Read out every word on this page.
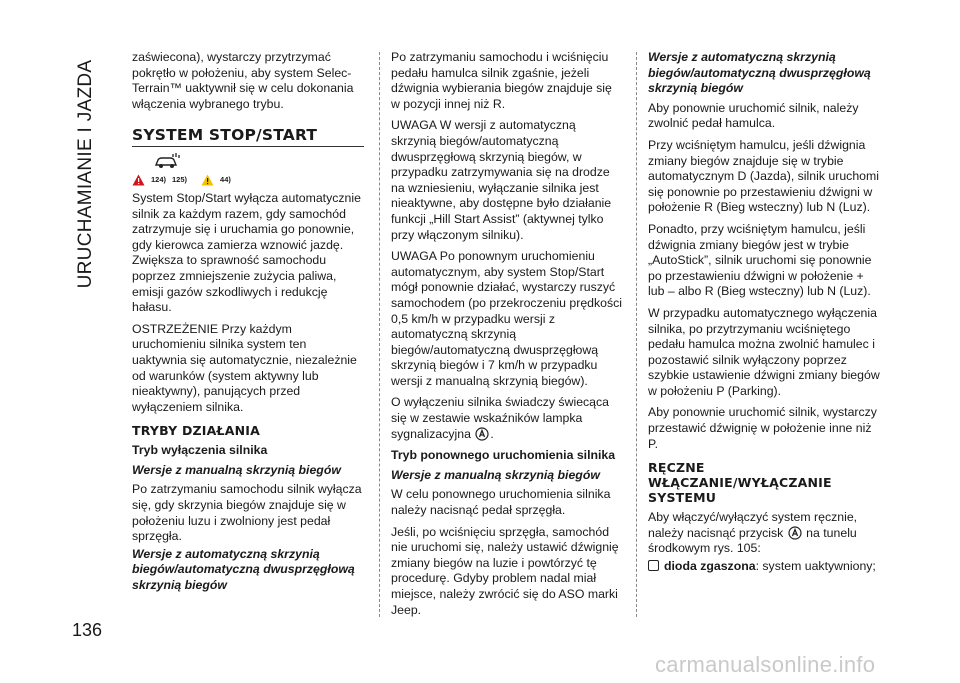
URUCHAMIANIE I JAZDA
136

zaświecona), wystarczy przytrzymać pokrętło w położeniu, aby system Selec-Terrain™ uaktywnił się w celu dokonania włączenia wybranego trybu.

SYSTEM STOP/START
124) 125)	44)

System Stop/Start wyłącza automatycznie silnik za każdym razem, gdy samochód zatrzymuje się i uruchamia go ponownie, gdy kierowca zamierza wznowić jazdę.

Zwiększa to sprawność samochodu poprzez zmniejszenie zużycia paliwa, emisji gazów szkodliwych i redukcję hałasu.

OSTRZEŻENIE Przy każdym uruchomieniu silnika system ten uaktywnia się automatycznie, niezależnie od warunków (system aktywny lub nieaktywny), panujących przed wyłączeniem silnika.

TRYBY DZIAŁANIA

Tryb wyłączenia silnika

Wersje z manualną skrzynią biegów

Po zatrzymaniu samochodu silnik wyłącza się, gdy skrzynia biegów znajduje się w położeniu luzu i zwolniony jest pedał sprzęgła.

Wersje z automatyczną skrzynią biegów/automatyczną dwusprzęgłową skrzynią biegów

Po zatrzymaniu samochodu i wciśnięciu pedału hamulca silnik zgaśnie, jeżeli dźwignia wybierania biegów znajduje się w pozycji innej niż R.

UWAGA W wersji z automatyczną skrzynią biegów/automatyczną dwusprzęgłową skrzynią biegów, w przypadku zatrzymywania się na drodze na wzniesieniu, wyłączanie silnika jest nieaktywne, aby dostępne było działanie funkcji „Hill Start Assist” (aktywnej tylko przy włączonym silniku).

UWAGA Po ponownym uruchomieniu automatycznym, aby system Stop/Start mógł ponownie działać, wystarczy ruszyć samochodem (po przekroczeniu prędkości 0,5 km/h w przypadku wersji z automatyczną skrzynią biegów/automatyczną dwusprzęgłową skrzynią biegów i 7 km/h w przypadku wersji z manualną skrzynią biegów).

O wyłączeniu silnika świadczy świecąca się w zestawie wskaźników lampka sygnalizacyjna .

Tryb ponownego uruchomienia silnika

Wersje z manualną skrzynią biegów

W celu ponownego uruchomienia silnika należy nacisnąć pedał sprzęgła.

Jeśli, po wciśnięciu sprzęgła, samochód nie uruchomi się, należy ustawić dźwignię zmiany biegów na luzie i powtórzyć tę procedurę. Gdyby problem nadal miał miejsce, należy zwrócić się do ASO marki Jeep.

Wersje z automatyczną skrzynią biegów/automatyczną dwusprzęgłową skrzynią biegów

Aby ponownie uruchomić silnik, należy zwolnić pedał hamulca.

Przy wciśniętym hamulcu, jeśli dźwignia zmiany biegów znajduje się w trybie automatycznym D (Jazda), silnik uruchomi się ponownie po przestawieniu dźwigni w położenie R (Bieg wsteczny) lub N (Luz).

Ponadto, przy wciśniętym hamulcu, jeśli dźwignia zmiany biegów jest w trybie „AutoStick”, silnik uruchomi się ponownie po przestawieniu dźwigni w położenie + lub – albo R (Bieg wsteczny) lub N (Luz).

W przypadku automatycznego wyłączenia silnika, po przytrzymaniu wciśniętego pedału hamulca można zwolnić hamulec i pozostawić silnik wyłączony poprzez szybkie ustawienie dźwigni zmiany biegów w położeniu P (Parking).

Aby ponownie uruchomić silnik, wystarczy przestawić dźwignię w położenie inne niż P.

RĘCZNE WŁĄCZANIE/WYŁĄCZANIE SYSTEMU

Aby włączyć/wyłączyć system ręcznie, należy nacisnąć przycisk na tunelu środkowym rys. 105:

dioda zgaszona: system uaktywniony;

carmanualsonline.info
